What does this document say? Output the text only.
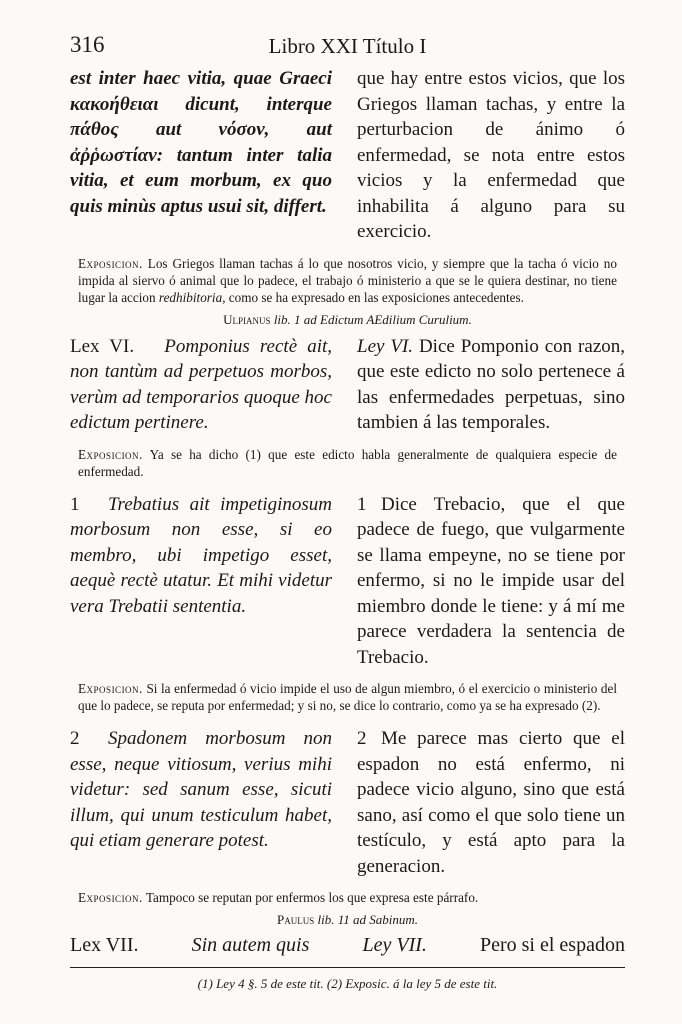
316	Libro XXI Título I
est inter haec vitia, quae Graeci κακοήθειαι dicunt, interque πάθος aut νόσον, aut ἀῤῥωστίαν: tantum inter talia vitia, et eum morbum, ex quo quis minùs aptus usui sit, differt.
que hay entre estos vicios, que los Griegos llaman tachas, y entre la perturbacion de ánimo ó enfermedad, se nota entre estos vicios y la enfermedad que inhabilita á alguno para su exercicio.
Exposicion. Los Griegos llaman tachas á lo que nosotros vicio, y siempre que la tacha ó vicio no impida al siervo ó animal que lo padece, el trabajo ó ministerio a que se le quiera destinar, no tiene lugar la accion redhibitoria, como se ha expresado en las exposiciones antecedentes.
Ulpianus lib. 1 ad Edictum AEdilium Curulium.
Lex VI. Pomponius rectè ait, non tantùm ad perpetuos morbos, verùm ad temporarios quoque hoc edictum pertinere.
Ley VI. Dice Pomponio con razon, que este edicto no solo pertenece á las enfermedades perpetuas, sino tambien á las temporales.
Exposicion. Ya se ha dicho (1) que este edicto habla generalmente de qualquiera especie de enfermedad.
1 Trebatius ait impetiginosum morbosum non esse, si eo membro, ubi impetigo esset, aequè rectè utatur. Et mihi videtur vera Trebatii sententia.
1 Dice Trebacio, que el que padece de fuego, que vulgarmente se llama empeyne, no se tiene por enfermo, si no le impide usar del miembro donde le tiene: y á mí me parece verdadera la sentencia de Trebacio.
Exposicion. Si la enfermedad ó vicio impide el uso de algun miembro, ó el exercicio o ministerio del que lo padece, se reputa por enfermedad; y si no, se dice lo contrario, como ya se ha expresado (2).
2 Spadonem morbosum non esse, neque vitiosum, verius mihi videtur: sed sanum esse, sicuti illum, qui unum testiculum habet, qui etiam generare potest.
2 Me parece mas cierto que el espadon no está enfermo, ni padece vicio alguno, sino que está sano, así como el que solo tiene un testículo, y está apto para la generacion.
Exposicion. Tampoco se reputan por enfermos los que expresa este párrafo.
Paulus lib. 11 ad Sabinum.
Lex VII.	Sin autem quis	Ley VII.	Pero si el espadon
(1) Ley 4 §. 5 de este tit. (2) Exposic. á la ley 5 de este tit.
